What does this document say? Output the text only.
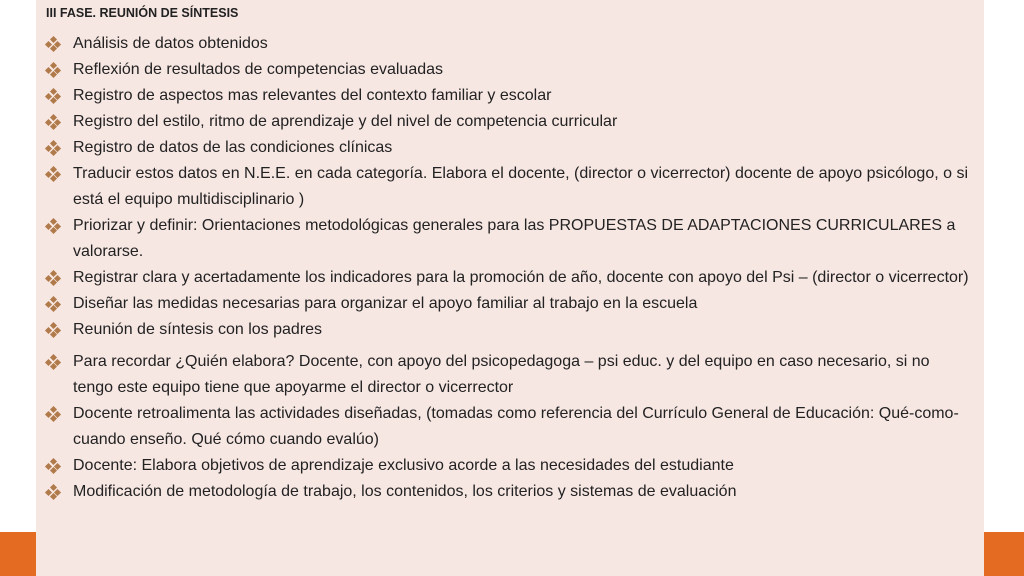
III FASE. REUNIÓN DE SÍNTESIS
Análisis de datos obtenidos
Reflexión de resultados de competencias evaluadas
Registro de aspectos mas relevantes del contexto familiar y escolar
Registro del estilo, ritmo de aprendizaje y del nivel de competencia curricular
Registro de datos de las condiciones clínicas
Traducir estos datos en N.E.E. en cada categoría. Elabora el docente, (director o vicerrector) docente de apoyo psicólogo, o si está el equipo multidisciplinario )
Priorizar y definir: Orientaciones metodológicas generales para las PROPUESTAS DE ADAPTACIONES CURRICULARES a valorarse.
Registrar clara y acertadamente los indicadores para la promoción de año, docente con apoyo del Psi – (director o vicerrector)
Diseñar las medidas necesarias para organizar el apoyo familiar al trabajo en la escuela
Reunión de síntesis con los padres
Para recordar ¿Quién elabora? Docente, con apoyo del psicopedagoga – psi educ. y del equipo en caso necesario, si no tengo este equipo tiene que apoyarme el director o vicerrector
Docente retroalimenta las actividades diseñadas, (tomadas como referencia del Currículo General de Educación: Qué-como-cuando enseño. Qué cómo cuando evalúo)
Docente: Elabora objetivos de aprendizaje exclusivo acorde a las necesidades del estudiante
Modificación de metodología de trabajo, los contenidos, los criterios y sistemas de evaluación
